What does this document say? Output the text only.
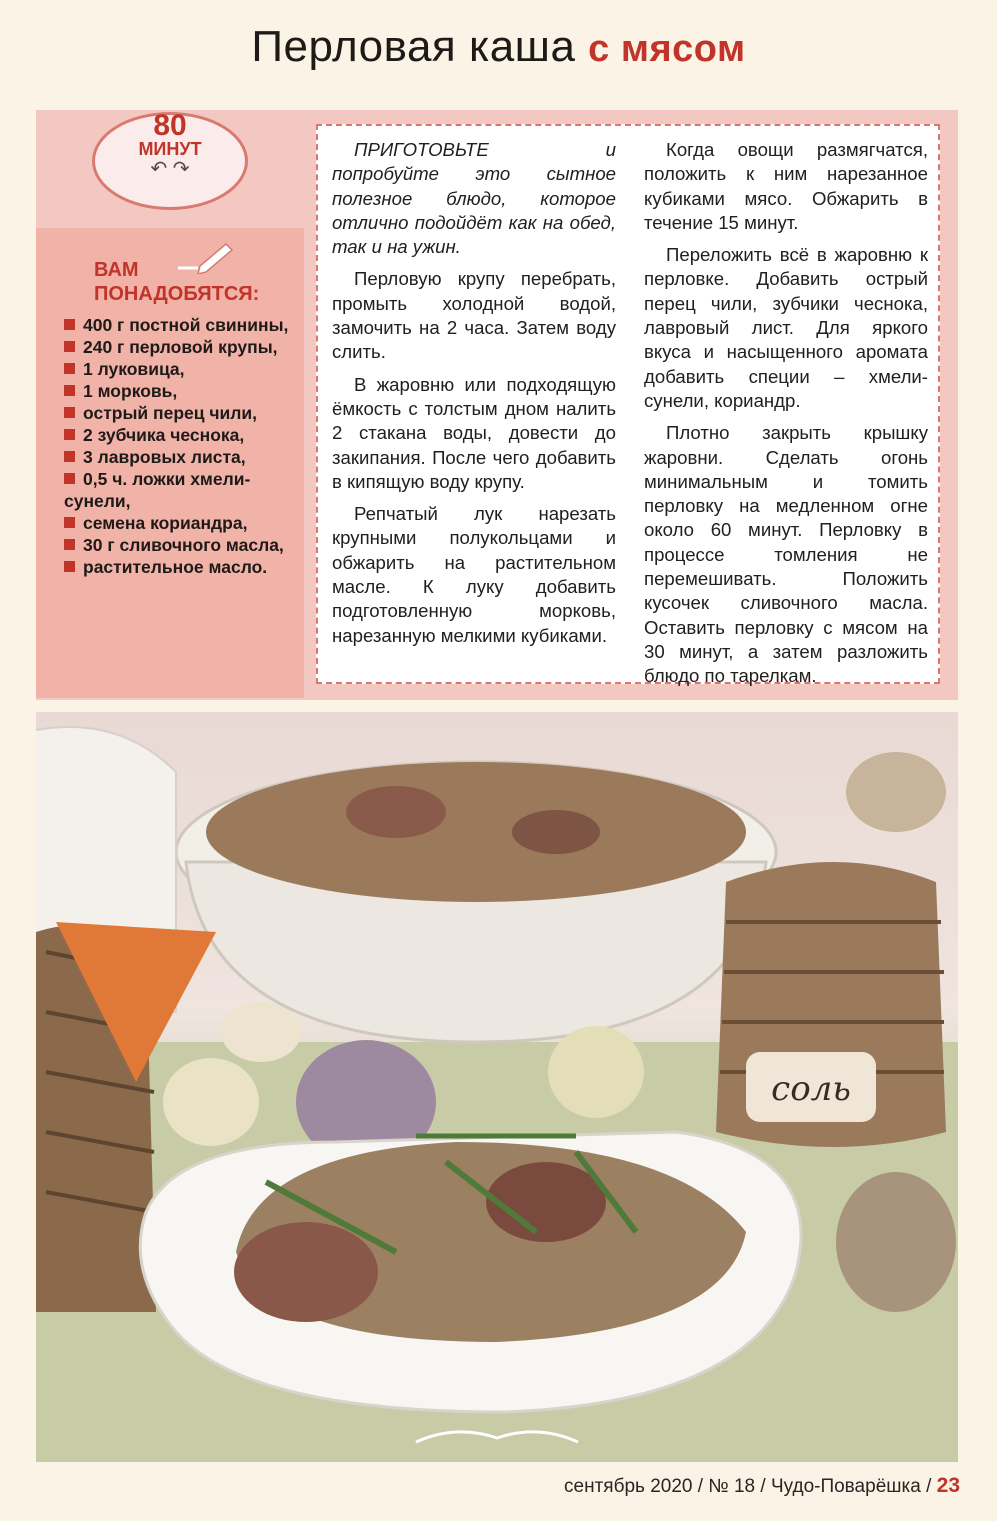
Перловая каша с мясом
80
МИНУТ
↶ ↷
ВАМ
ПОНАДОБЯТСЯ:
400 г постной свинины,
240 г перловой крупы,
1 луковица,
1 морковь,
острый перец чили,
2 зубчика чеснока,
3 лавровых листа,
0,5 ч. ложки хмели-сунели,
семена кориандра,
30 г сливочного масла,
растительное масло.

ПРИГОТОВЬТЕ и попробуйте это сытное полезное блюдо, которое отлично подойдёт как на обед, так и на ужин.

Перловую крупу перебрать, промыть холодной водой, замочить на 2 часа. Затем воду слить.

В жаровню или подходящую ёмкость с толстым дном налить 2 стакана воды, довести до закипания. После чего добавить в кипящую воду крупу.

Репчатый лук нарезать крупными полукольцами и обжарить на растительном масле. К луку добавить подготовленную морковь, нарезанную мелкими кубиками.

Когда овощи размягчатся, положить к ним нарезанное кубиками мясо. Обжарить в течение 15 минут.

Переложить всё в жаровню к перловке. Добавить острый перец чили, зубчики чеснока, лавровый лист. Для яркого вкуса и насыщенного аромата добавить специи – хмели-сунели, кориандр.

Плотно закрыть крышку жаровни. Сделать огонь минимальным и томить перловку на медленном огне около 60 минут. Перловку в процессе томления не перемешивать. Положить кусочек сливочного масла. Оставить перловку с мясом на 30 минут, а затем разложить блюдо по тарелкам.

соль
сентябрь 2020 / № 18 / Чудо-Поварёшка / 23
